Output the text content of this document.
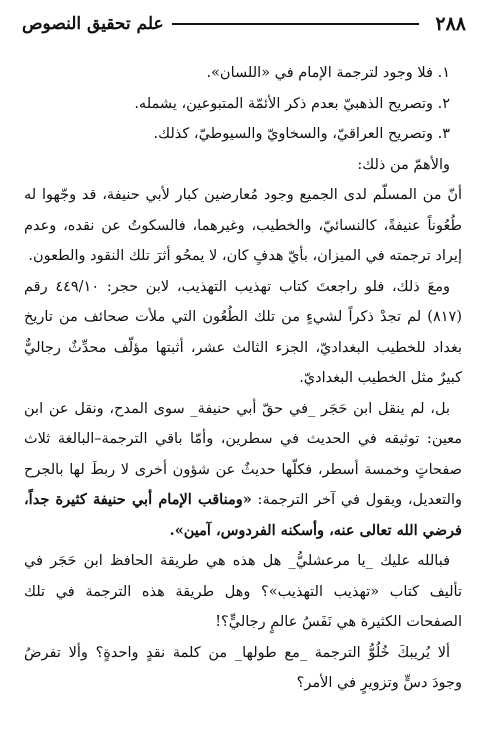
٢٨٨
علم تحقيق النصوص

١. فلا وجود لترجمة الإمام في «اللسان».

٢. وتصريح الذهبيّ بعدم ذكر الأئمّة المتبوعين، يشمله.

٣. وتصريح العراقيّ، والسخاويّ والسيوطيّ، كذلك.

والأهمّ من ذلك:

أنّ من المسلّم لدى الجميع وجود مُعارضين كبار لأبي حنيفة، قد وجّهوا له طُعُوناً عنيفةً، كالنسائيّ، والخطيب، وغيرهما، فالسكوتُ عن نقده، وعدم إيراد ترجمته في الميزان، بأيّ هدفٍ كان، لا يمحُو أثرَ تلك النقود والطعون.

ومعَ ذلك، فلو راجعتَ كتاب تهذيب التهذيب، لابن حجر: ٤٤٩/١٠ رقم (٨١٧) لم تجدْ ذكراً لشيءٍ من تلك الطُعُون التي ملأت صحائف من تاريخ بغداد للخطيب البغداديّ، الجزء الثالث عشر، أثبتها مؤلّف محدِّثٌ رجاليٌّ كبيرٌ مثل الخطيب البغداديّ.

بل، لم ينقل ابن حَجَر _في حقّ أبي حنيفة_ سوى المدح، ونقل عن ابن معين: توثيقه في الحديث في سطرين، وأمّا باقي الترجمة–البالغة ثلاث صفحاتٍ وخمسة أسطر، فكلّها حديثٌ عن شؤون أخرى لا ربطَ لها بالجرح والتعديل، ويقول في آخر الترجمة: «ومناقب الإمام أبي حنيفة كثيرة جداً، فرضي الله تعالى عنه، وأسكنه الفردوس، آمين».

فبالله عليك _يا مرعشليُّ_ هل هذه هي طريقة الحافظ ابن حَجَر في تأليف كتاب «تهذيب التهذيب»؟ وهل طريقة هذه الترجمة في تلك الصفحات الكثيرة هي نَفَسُ عالمٍ رجاليٍّ؟!

ألا يُريبكَ خُلُوُّ الترجمة _مع طولها_ من كلمة نقدٍ واحدةٍ؟ وألا تفرضُ وجودَ دسٍّ وتزويرٍ في الأمر؟
